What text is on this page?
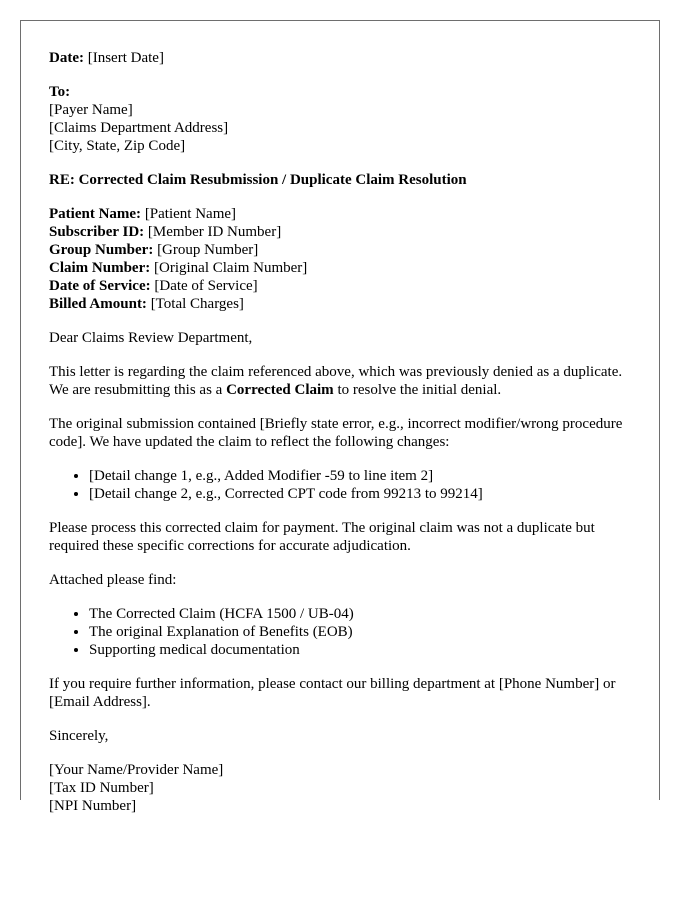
Date: [Insert Date]
To:
[Payer Name]
[Claims Department Address]
[City, State, Zip Code]
RE: Corrected Claim Resubmission / Duplicate Claim Resolution
Patient Name: [Patient Name]
Subscriber ID: [Member ID Number]
Group Number: [Group Number]
Claim Number: [Original Claim Number]
Date of Service: [Date of Service]
Billed Amount: [Total Charges]

Dear Claims Review Department,

This letter is regarding the claim referenced above, which was previously denied as a duplicate. We are resubmitting this as a Corrected Claim to resolve the initial denial.

The original submission contained [Briefly state error, e.g., incorrect modifier/wrong procedure code]. We have updated the claim to reflect the following changes:

• [Detail change 1, e.g., Added Modifier -59 to line item 2]
• [Detail change 2, e.g., Corrected CPT code from 99213 to 99214]

Please process this corrected claim for payment. The original claim was not a duplicate but required these specific corrections for accurate adjudication.

Attached please find:

• The Corrected Claim (HCFA 1500 / UB-04)
• The original Explanation of Benefits (EOB)
• Supporting medical documentation

If you require further information, please contact our billing department at [Phone Number] or [Email Address].

Sincerely,

[Your Name/Provider Name]
[Tax ID Number]
[NPI Number]
